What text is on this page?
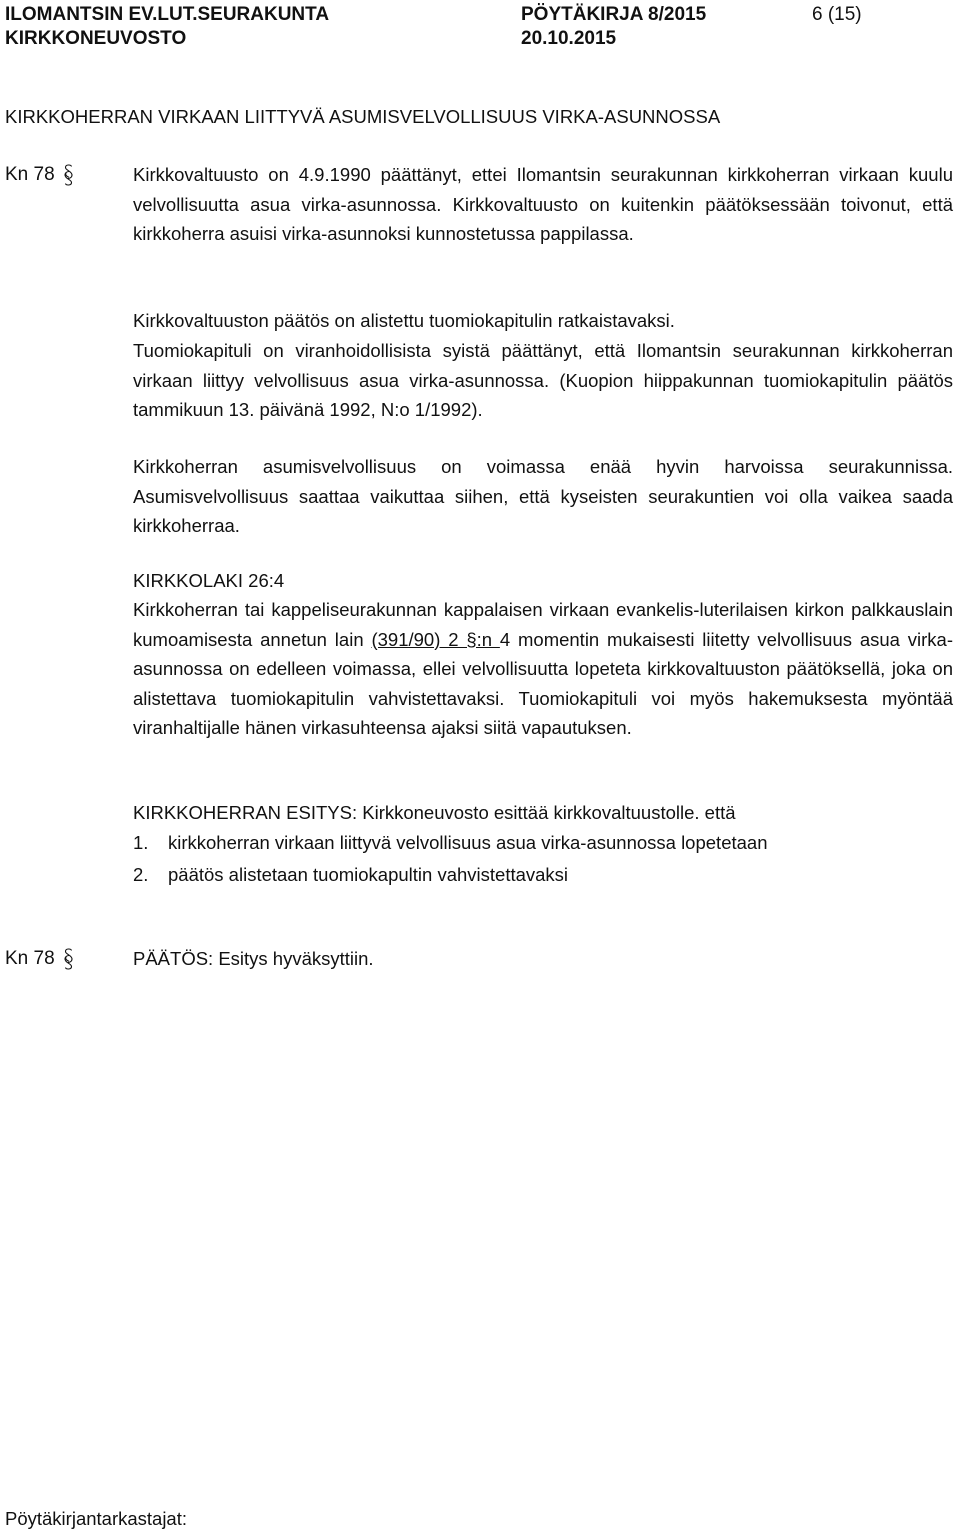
ILOMANTSIN EV.LUT.SEURAKUNTA
KIRKKONEUVOSTO
PÖYTÄKIRJA 8/2015
20.10.2015
6 (15)
KIRKKOHERRAN VIRKAAN LIITTYVÄ ASUMISVELVOLLISUUS VIRKA-ASUNNOSSA
Kn 78	Kirkkovaltuusto on 4.9.1990 päättänyt, ettei Ilomantsin seurakunnan kirkkoherran virkaan kuulu velvollisuutta asua virka-asunnossa. Kirkkovaltuusto on kuitenkin päätöksessään toivonut, että kirkkoherra asuisi virka-asunnoksi kunnostetussa pappilassa.
Kirkkovaltuuston päätös on alistettu tuomiokapitulin ratkaistavaksi.
Tuomiokapituli on viranhoidollisista syistä päättänyt, että Ilomantsin seurakunnan kirkkoherran virkaan liittyy velvollisuus asua virka-asunnossa. (Kuopion hiippakunnan tuomiokapitulin päätös tammikuun 13. päivänä 1992, N:o 1/1992).
Kirkkoherran asumisvelvollisuus on voimassa enää hyvin harvoissa seurakunnissa. Asumisvelvollisuus saattaa vaikuttaa siihen, että kyseisten seurakuntien voi olla vaikea saada kirkkoherraa.
KIRKKOLAKI 26:4
Kirkkoherran tai kappeliseurakunnan kappalaisen virkaan evankelis-luterilaisen kirkon palkkauslain kumoamisesta annetun lain (391/90) 2 §:n 4 momentin mukaisesti liitetty velvollisuus asua virka-asunnossa on edelleen voimassa, ellei velvollisuutta lopeteta kirkkovaltuuston päätöksellä, joka on alistettava tuomiokapitulin vahvistettavaksi. Tuomiokapituli voi myös hakemuksesta myöntää viranhaltijalle hänen virkasuhteensa ajaksi siitä vapautuksen.
KIRKKOHERRAN ESITYS: Kirkkoneuvosto esittää kirkkovaltuustolle. että
1. kirkkoherran virkaan liittyvä velvollisuus asua virka-asunnossa lopetetaan
2. päätös alistetaan tuomiokapultin vahvistettavaksi
Kn 78	PÄÄTÖS: Esitys hyväksyttiin.
Pöytäkirjantarkastajat:
